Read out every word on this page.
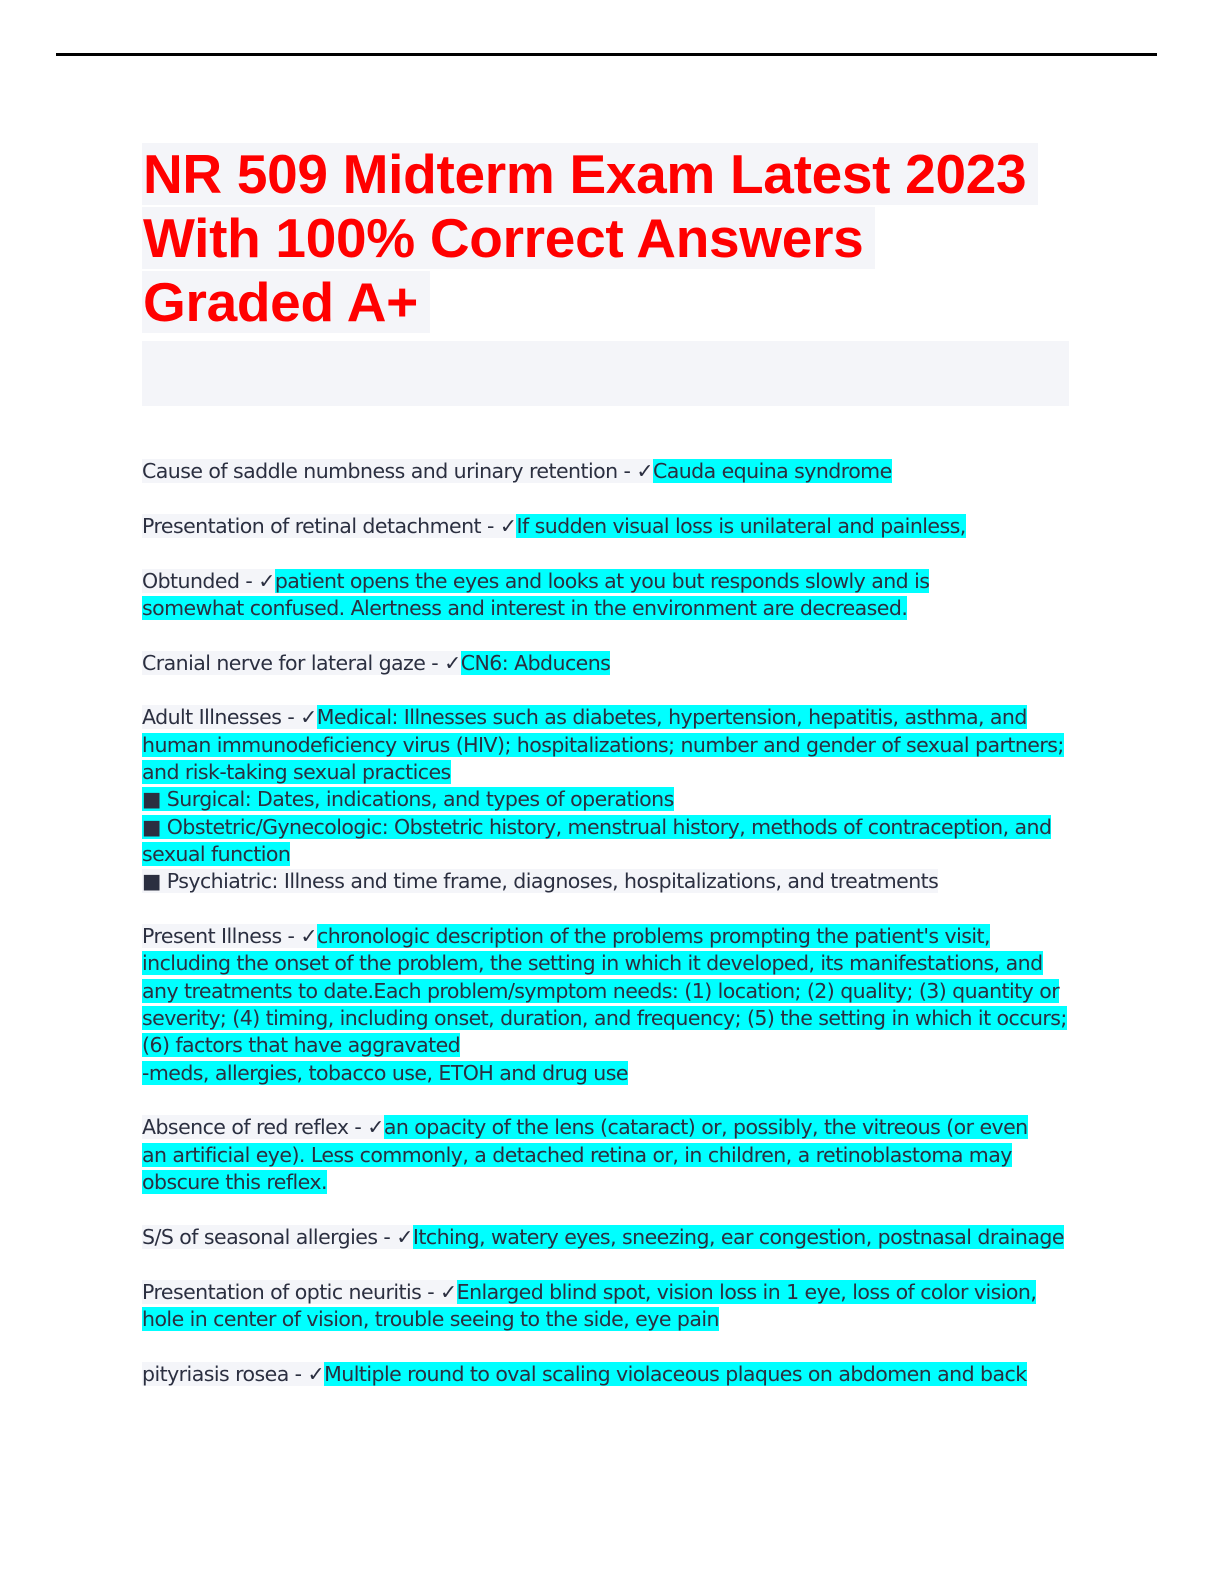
NR 509 Midterm Exam Latest 2023
With 100% Correct Answers
Graded A+
Cause of saddle numbness and urinary retention - ✓Cauda equina syndrome
Presentation of retinal detachment - ✓If sudden visual loss is unilateral and painless,
Obtunded - ✓patient opens the eyes and looks at you but responds slowly and is somewhat confused. Alertness and interest in the environment are decreased.
Cranial nerve for lateral gaze - ✓CN6: Abducens
Adult Illnesses - ✓Medical: Illnesses such as diabetes, hypertension, hepatitis, asthma, and human immunodeficiency virus (HIV); hospitalizations; number and gender of sexual partners; and risk-taking sexual practices
■ Surgical: Dates, indications, and types of operations
■ Obstetric/Gynecologic: Obstetric history, menstrual history, methods of contraception, and sexual function
■ Psychiatric: Illness and time frame, diagnoses, hospitalizations, and treatments
Present Illness - ✓chronologic description of the problems prompting the patient's visit, including the onset of the problem, the setting in which it developed, its manifestations, and any treatments to date.Each problem/symptom needs: (1) location; (2) quality; (3) quantity or severity; (4) timing, including onset, duration, and frequency; (5) the setting in which it occurs; (6) factors that have aggravated
-meds, allergies, tobacco use, ETOH and drug use
Absence of red reflex - ✓an opacity of the lens (cataract) or, possibly, the vitreous (or even an artificial eye). Less commonly, a detached retina or, in children, a retinoblastoma may obscure this reflex.
S/S of seasonal allergies - ✓Itching, watery eyes, sneezing, ear congestion, postnasal drainage
Presentation of optic neuritis - ✓Enlarged blind spot, vision loss in 1 eye, loss of color vision, hole in center of vision, trouble seeing to the side, eye pain
pityriasis rosea - ✓Multiple round to oval scaling violaceous plaques on abdomen and back
